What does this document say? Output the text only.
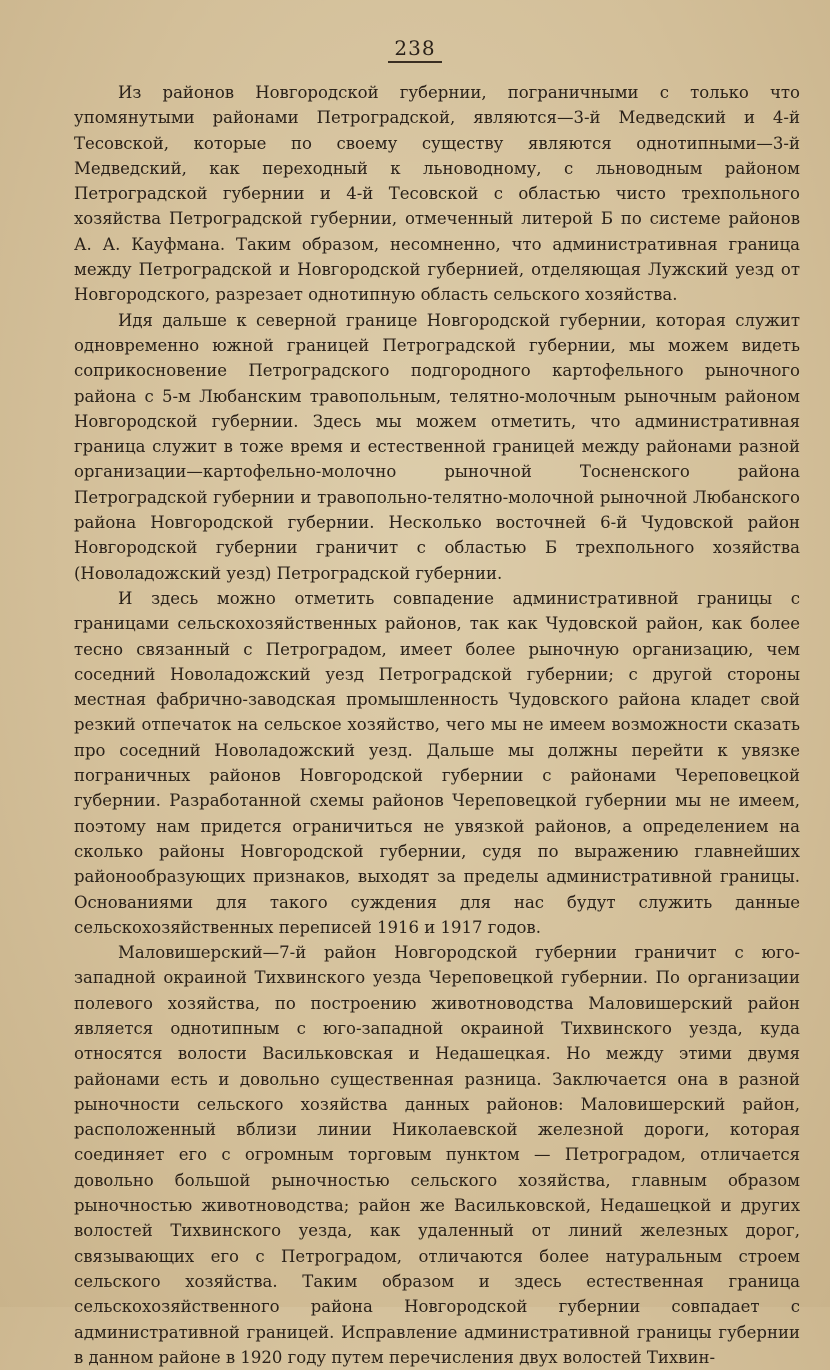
238

Из районов Новгородской губернии, пограничными с только что упомянутыми районами Петроградской, являются—3-й Медведский и 4-й Тесовской, которые по своему существу являются однотипными—3-й Медведский, как переходный к льноводному, с льноводным районом Петроградской губернии и 4-й Тесовской с областью чисто трехпольного хозяйства Петроградской губернии, отмеченный литерой Б по системе районов А. А. Кауфмана. Таким образом, несомненно, что административная граница между Петроградской и Новгородской губернией, отделяющая Лужский уезд от Новгородского, разрезает однотипную область сельского хозяйства.

Идя дальше к северной границе Новгородской губернии, которая служит одновременно южной границей Петроградской губернии, мы можем видеть соприкосновение Петроградского подгородного картофельного рыночного района с 5-м Любанским травопольным, телятно-молочным рыночным районом Новгородской губернии. Здесь мы можем отметить, что административная граница служит в тоже время и естественной границей между районами разной организации—картофельно-молочно рыночной Тосненского района Петроградской губернии и травопольно-телятно-молочной рыночной Любанского района Новгородской губернии. Несколько восточней 6-й Чудовской район Новгородской губернии граничит с областью Б трехпольного хозяйства (Новоладожский уезд) Петроградской губернии.

И здесь можно отметить совпадение административной границы с границами сельскохозяйственных районов, так как Чудовской район, как более тесно связанный с Петроградом, имеет более рыночную организацию, чем соседний Новоладожский уезд Петроградской губернии; с другой стороны местная фабрично-заводская промышленность Чудовского района кладет свой резкий отпечаток на сельское хозяйство, чего мы не имеем возможности сказать про соседний Новоладожский уезд. Дальше мы должны перейти к увязке пограничных районов Новгородской губернии с районами Череповецкой губернии. Разработанной схемы районов Череповецкой губернии мы не имеем, поэтому нам придется ограничиться не увязкой районов, а определением на сколько районы Новгородской губернии, судя по выражению главнейших районообразующих признаков, выходят за пределы административной границы. Основаниями для такого суждения для нас будут служить данные сельскохозяйственных переписей 1916 и 1917 годов.

Маловишерский—7-й район Новгородской губернии граничит с юго-западной окраиной Тихвинского уезда Череповецкой губернии. По организации полевого хозяйства, по построению животноводства Маловишерский район является однотипным с юго-западной окраиной Тихвинского уезда, куда относятся волости Васильковская и Недашецкая. Но между этими двумя районами есть и довольно существенная разница. Заключается она в разной рыночности сельского хозяйства данных районов: Маловишерский район, расположенный вблизи линии Николаевской железной дороги, которая соединяет его с огромным торговым пунктом — Петроградом, отличается довольно большой рыночностью сельского хозяйства, главным образом рыночностью животноводства; район же Васильковской, Недашецкой и других волостей Тихвинского уезда, как удаленный от линий железных дорог, связывающих его с Петроградом, отличаются более натуральным строем сельского хозяйства. Таким образом и здесь естественная граница сельскохозяйственного района Новгородской губернии совпадает с административной границей. Исправление административной границы губернии в данном районе в 1920 году путем перечисления двух волостей Тихвин-
